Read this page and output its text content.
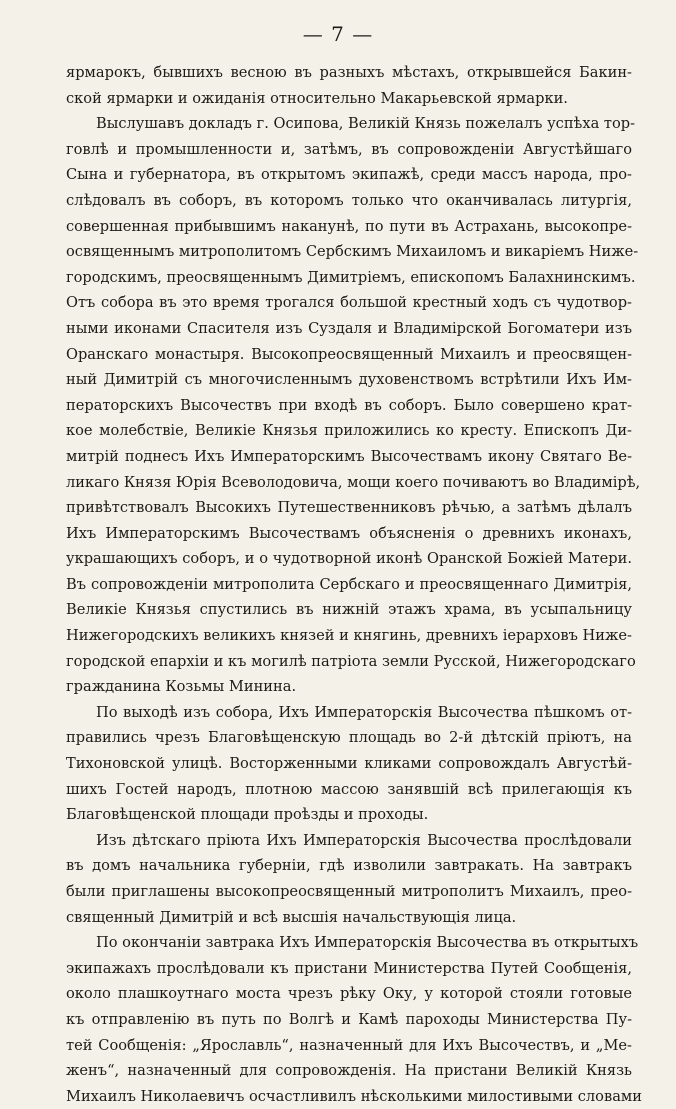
— 7 —

ярмарокъ, бывшихъ весною въ разныхъ мѣстахъ, открывшейся Бакин-
ской ярмарки и ожиданія относительно Макарьевской ярмарки.

Выслушавъ докладъ г. Осипова, Великій Князь пожелалъ успѣха тор-
говлѣ и промышленности и, затѣмъ, въ сопровожденіи Августѣйшаго
Сына и губернатора, въ открытомъ экипажѣ, среди массъ народа, про-
слѣдовалъ въ соборъ, въ которомъ только что оканчивалась литургія,
совершенная прибывшимъ наканунѣ, по пути въ Астрахань, высокопре-
освященнымъ митрополитомъ Сербскимъ Михаиломъ и викаріемъ Ниже-
городскимъ, преосвященнымъ Димитріемъ, епископомъ Балахнинскимъ.
Отъ собора въ это время трогался большой крестный ходъ съ чудотвор-
ными иконами Спасителя изъ Суздаля и Владимірской Богоматери изъ
Оранскаго монастыря. Высокопреосвященный Михаилъ и преосвящен-
ный Димитрій съ многочисленнымъ духовенствомъ встрѣтили Ихъ Им-
ператорскихъ Высочествъ при входѣ въ соборъ. Было совершено крат-
кое молебствіе, Великіе Князья приложились ко кресту. Епископъ Ди-
митрій поднесъ Ихъ Императорскимъ Высочествамъ икону Святаго Ве-
ликаго Князя Юрія Всеволодовича, мощи коего почиваютъ во Владимірѣ,
привѣтствовалъ Высокихъ Путешественниковъ рѣчью, а затѣмъ дѣлалъ
Ихъ Императорскимъ Высочествамъ объясненія о древнихъ иконахъ,
украшающихъ соборъ, и о чудотворной иконѣ Оранской Божіей Матери.
Въ сопровожденіи митрополита Сербскаго и преосвященнаго Димитрія,
Великіе Князья спустились въ нижній этажъ храма, въ усыпальницу
Нижегородскихъ великихъ князей и княгинь, древнихъ іерарховъ Ниже-
городской епархіи и къ могилѣ патріота земли Русской, Нижегородскаго
гражданина Козьмы Минина.

По выходѣ изъ собора, Ихъ Императорскія Высочества пѣшкомъ от-
правились чрезъ Благовѣщенскую площадь во 2-й дѣтскій пріютъ, на
Тихоновской улицѣ. Восторженными кликами сопровождалъ Августѣй-
шихъ Гостей народъ, плотною массою занявшій всѣ прилегающія къ
Благовѣщенской площади проѣзды и проходы.

Изъ дѣтскаго пріюта Ихъ Императорскія Высочества прослѣдовали
въ домъ начальника губерніи, гдѣ изволили завтракать. На завтракъ
были приглашены высокопреосвященный митрополитъ Михаилъ, прео-
священный Димитрій и всѣ высшія начальствующія лица.

По окончаніи завтрака Ихъ Императорскія Высочества въ открытыхъ
экипажахъ прослѣдовали къ пристани Министерства Путей Сообщенія,
около плашкоутнаго моста чрезъ рѣку Оку, у которой стояли готовые
къ отправленію въ путь по Волгѣ и Камѣ пароходы Министерства Пу-
тей Сообщенія: „Ярославль“, назначенный для Ихъ Высочествъ, и „Ме-
женъ“, назначенный для сопровожденія. На пристани Великій Князь
Михаилъ Николаевичъ осчастливилъ нѣсколькими милостивыми словами
